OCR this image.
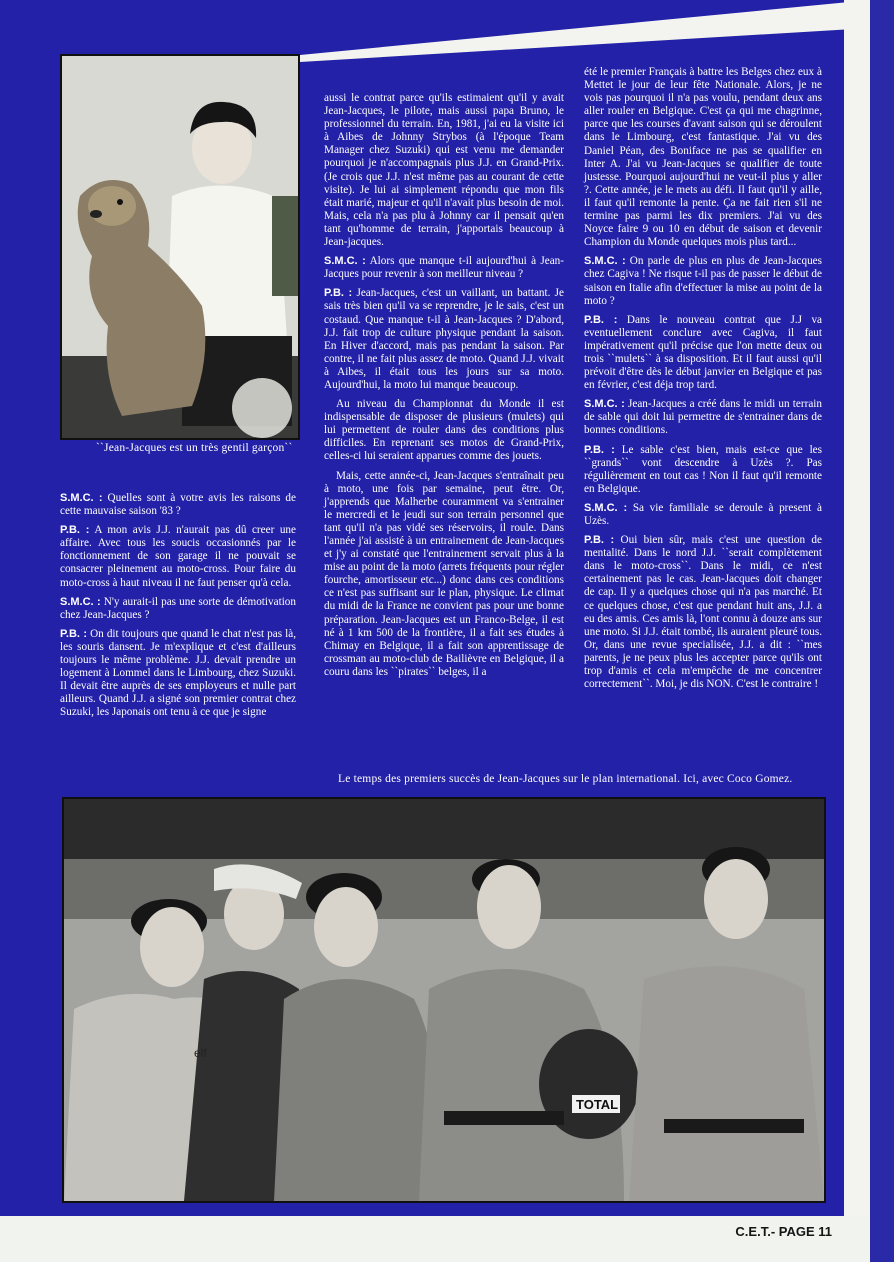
``Jean-Jacques est un très gentil garçon``

S.M.C. : Quelles sont à votre avis les raisons de cette mauvaise saison '83 ?

P.B. : A mon avis J.J. n'aurait pas dû creer une affaire. Avec tous les soucis occasionnés par le fonctionnement de son garage il ne pouvait se consacrer pleinement au moto-cross. Pour faire du moto-cross à haut niveau il ne faut penser qu'à cela.

S.M.C. : N'y aurait-il pas une sorte de démotivation chez Jean-Jacques ?

P.B. : On dit toujours que quand le chat n'est pas là, les souris dansent. Je m'explique et c'est d'ailleurs toujours le même problème. J.J. devait prendre un logement à Lommel dans le Limbourg, chez Suzuki. Il devait être auprès de ses employeurs et nulle part ailleurs. Quand J.J. a signé son premier contrat chez Suzuki, les Japonais ont tenu à ce que je signe

aussi le contrat parce qu'ils estimaient qu'il y avait Jean-Jacques, le pilote, mais aussi papa Bruno, le professionnel du terrain. En, 1981, j'ai eu la visite ici à Aibes de Johnny Strybos (à l'époque Team Manager chez Suzuki) qui est venu me demander pourquoi je n'accompagnais plus J.J. en Grand-Prix. (Je crois que J.J. n'est même pas au courant de cette visite). Je lui ai simplement répondu que mon fils était marié, majeur et qu'il n'avait plus besoin de moi. Mais, cela n'a pas plu à Johnny car il pensait qu'en tant qu'homme de terrain, j'apportais beaucoup à Jean-jacques.

S.M.C. : Alors que manque t-il aujourd'hui à Jean-Jacques pour revenir à son meilleur niveau ?

P.B. : Jean-Jacques, c'est un vaillant, un battant. Je sais très bien qu'il va se reprendre, je le sais, c'est un costaud. Que manque t-il à Jean-Jacques ? D'abord, J.J. fait trop de culture physique pendant la saison. En Hiver d'accord, mais pas pendant la saison. Par contre, il ne fait plus assez de moto. Quand J.J. vivait à Aibes, il était tous les jours sur sa moto. Aujourd'hui, la moto lui manque beaucoup.

Au niveau du Championnat du Monde il est indispensable de disposer de plusieurs (mulets) qui lui permettent de rouler dans des conditions plus difficiles. En reprenant ses motos de Grand-Prix, celles-ci lui seraient apparues comme des jouets.

Mais, cette année-ci, Jean-Jacques s'entraînait peu à moto, une fois par semaine, peut être. Or, j'apprends que Malherbe couramment va s'entrainer le mercredi et le jeudi sur son terrain personnel que tant qu'il n'a pas vidé ses réservoirs, il roule. Dans l'année j'ai assisté à un entrainement de Jean-Jacques et j'y ai constaté que l'entrainement servait plus à la mise au point de la moto (arrets fréquents pour régler fourche, amortisseur etc...) donc dans ces conditions ce n'est pas suffisant sur le plan, physique. Le climat du midi de la France ne convient pas pour une bonne préparation. Jean-Jacques est un Franco-Belge, il est né à 1 km 500 de la frontière, il a fait ses études à Chimay en Belgique, il a fait son apprentissage de crossman au moto-club de Bailièvre en Belgique, il a couru dans les ``pirates`` belges, il a

été le premier Français à battre les Belges chez eux à Mettet le jour de leur fête Nationale. Alors, je ne vois pas pourquoi il n'a pas voulu, pendant deux ans aller rouler en Belgique. C'est ça qui me chagrinne, parce que les courses d'avant saison qui se déroulent dans le Limbourg, c'est fantastique. J'ai vu des Daniel Péan, des Boniface ne pas se qualifier en Inter A. J'ai vu Jean-Jacques se qualifier de toute justesse. Pourquoi aujourd'hui ne veut-il plus y aller ?. Cette année, je le mets au défi. Il faut qu'il y aille, il faut qu'il remonte la pente. Ça ne fait rien s'il ne termine pas parmi les dix premiers. J'ai vu des Noyce faire 9 ou 10 en début de saison et devenir Champion du Monde quelques mois plus tard...

S.M.C. : On parle de plus en plus de Jean-Jacques chez Cagiva ! Ne risque t-il pas de passer le début de saison en Italie afin d'effectuer la mise au point de la moto ?

P.B. : Dans le nouveau contrat que J.J va eventuellement conclure avec Cagiva, il faut impérativement qu'il précise que l'on mette deux ou trois ``mulets`` à sa disposition. Et il faut aussi qu'il prévoit d'être dès le début janvier en Belgique et pas en février, c'est déja trop tard.

S.M.C. : Jean-Jacques a créé dans le midi un terrain de sable qui doit lui permettre de s'entrainer dans de bonnes conditions.

P.B. : Le sable c'est bien, mais est-ce que les ``grands`` vont descendre à Uzès ?. Pas régulièrement en tout cas ! Non il faut qu'il remonte en Belgique.

S.M.C. : Sa vie familiale se deroule à present à Uzès.

P.B. : Oui bien sûr, mais c'est une question de mentalité. Dans le nord J.J. ``serait complètement dans le moto-cross``. Dans le midi, ce n'est certainement pas le cas. Jean-Jacques doit changer de cap. Il y a quelques chose qui n'a pas marché. Et ce quelques chose, c'est que pendant huit ans, J.J. a eu des amis. Ces amis là, l'ont connu à douze ans sur une moto. Si J.J. était tombé, ils auraient pleuré tous. Or, dans une revue specialisée, J.J. a dit : ``mes parents, je ne peux plus les accepter parce qu'ils ont trop d'amis et cela m'empêche de me concentrer correctement``. Moi, je dis NON. C'est le contraire !

Le temps des premiers succès de Jean-Jacques sur le plan international. Ici, avec Coco Gomez.
TOTAL
elf
C.E.T.- PAGE 11
